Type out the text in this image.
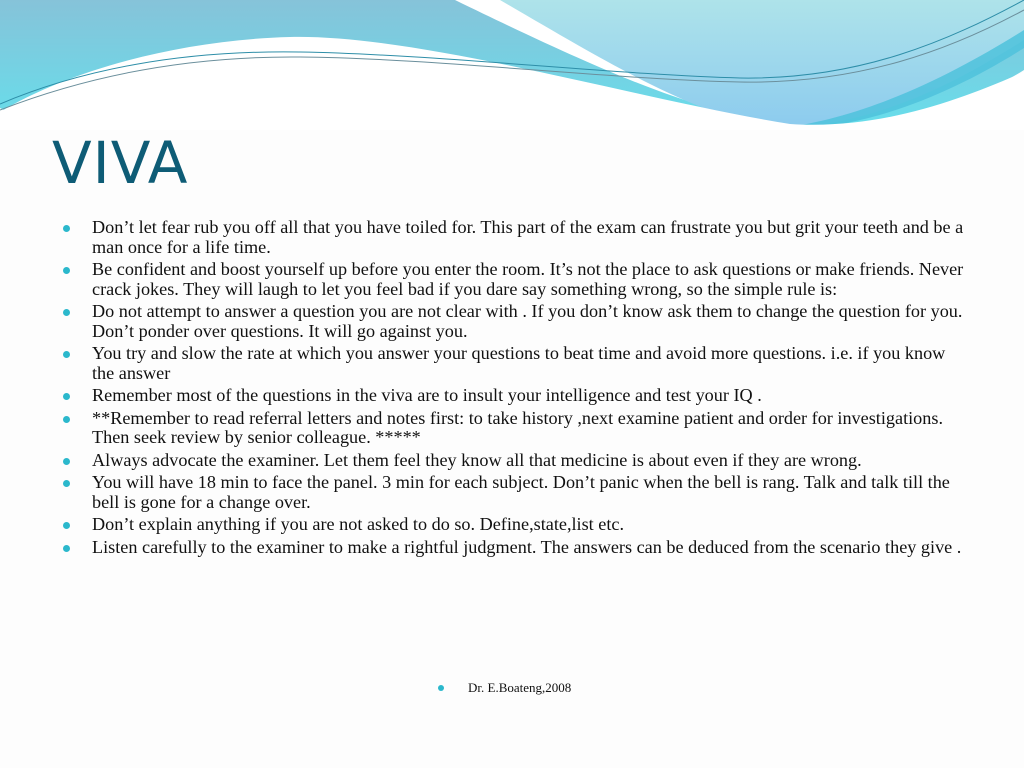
VIVA
Don’t let fear rub you off all that you have toiled for. This part of the exam can frustrate you but grit your teeth and be a man once for a life time.
Be confident and boost yourself up before you enter the room. It’s not the place to ask questions or make friends. Never crack jokes. They will laugh to let you feel bad if you dare say something wrong, so the simple rule is:
Do not attempt to answer a question you are not clear with . If you don’t know ask them to change the question for you. Don’t ponder over questions. It will go against you.
You try and slow the rate at which you answer your questions to beat time and avoid more questions. i.e. if you know the answer
Remember most of the questions in the viva are to insult your intelligence and test your IQ .
**Remember to read referral letters and notes first: to take history ,next examine patient and order for investigations. Then seek review by senior colleague. *****
Always advocate the examiner. Let them feel they know all that medicine is about even if they are wrong.
You will have 18 min to face the panel. 3 min for each subject. Don’t panic when the bell is rang. Talk and talk till the bell is gone for a change over.
Don’t explain anything if you are not asked to do so. Define,state,list etc.
Listen carefully to the examiner to make a rightful judgment. The answers can be deduced from the scenario they give .
Dr. E.Boateng,2008
